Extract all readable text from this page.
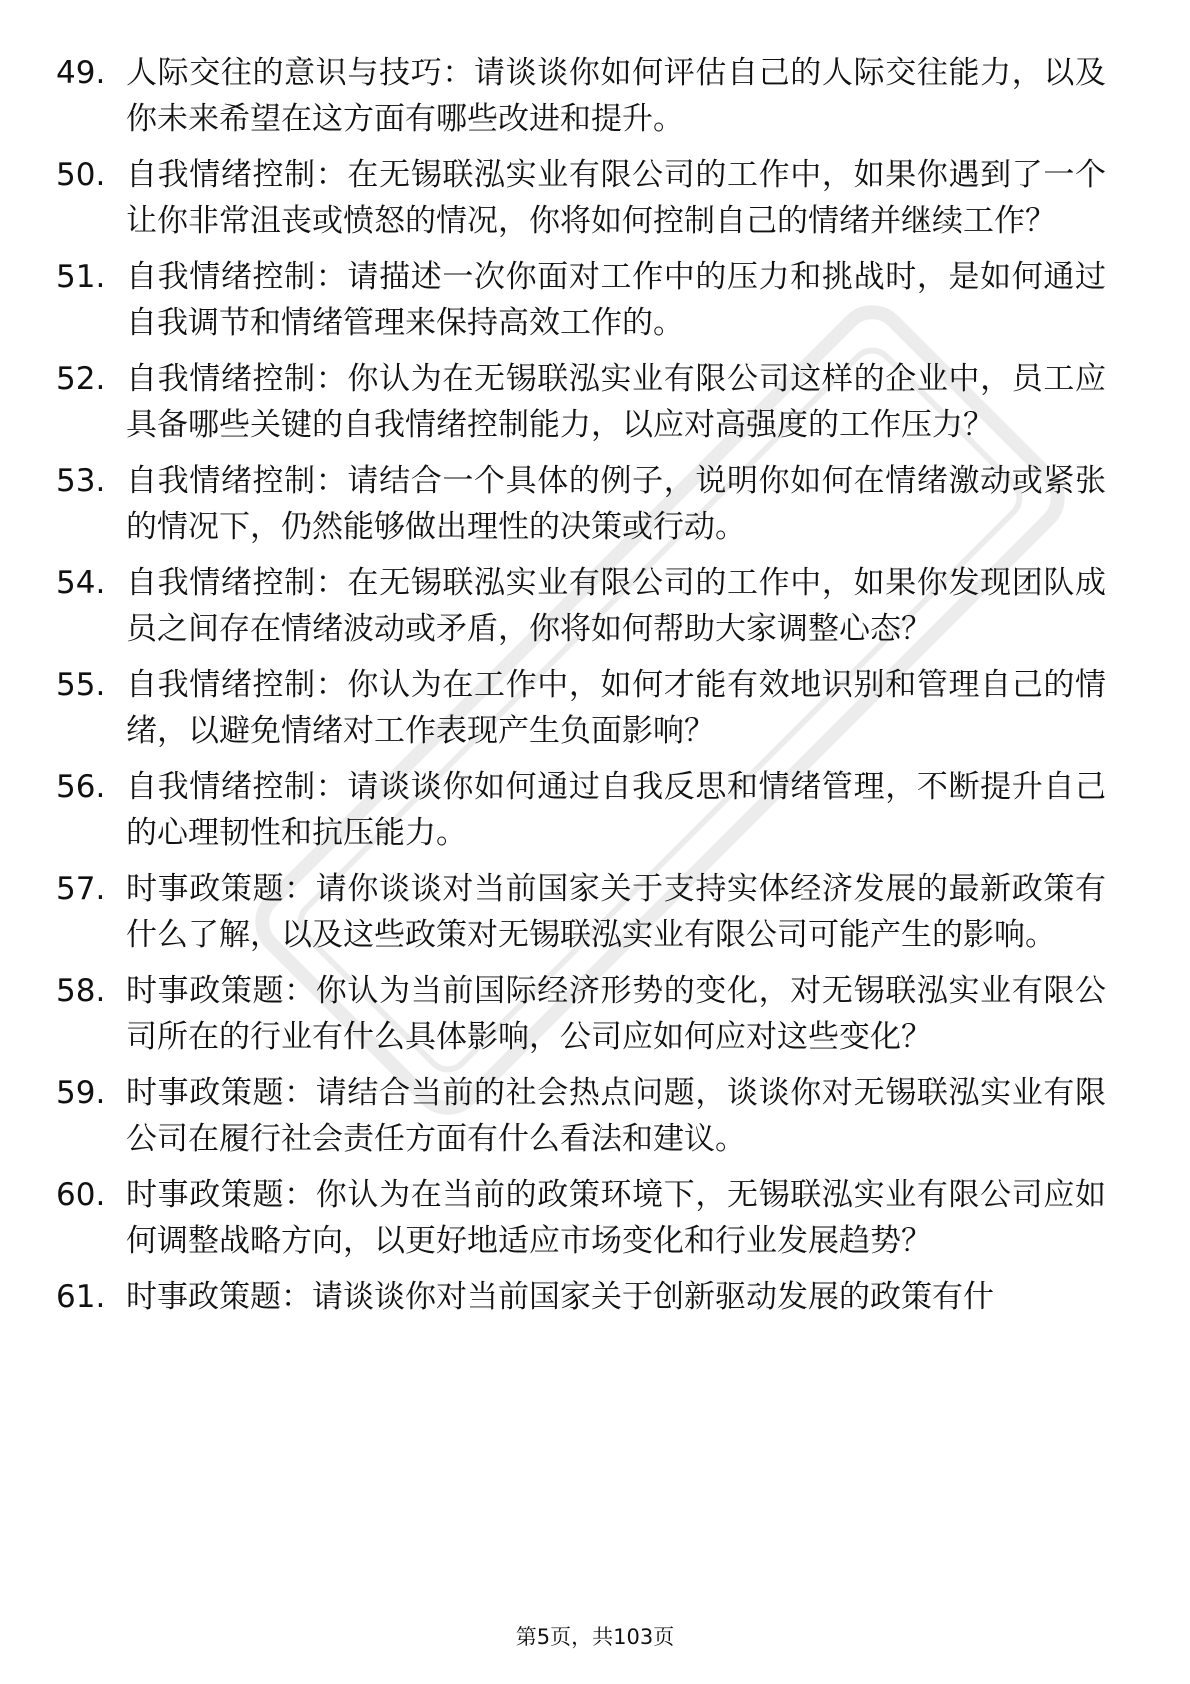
49. 人际交往的意识与技巧：请谈谈你如何评估自己的人际交往能力，以及你未来希望在这方面有哪些改进和提升。
50. 自我情绪控制：在无锡联泓实业有限公司的工作中，如果你遇到了一个让你非常沮丧或愤怒的情况，你将如何控制自己的情绪并继续工作？
51. 自我情绪控制：请描述一次你面对工作中的压力和挑战时，是如何通过自我调节和情绪管理来保持高效工作的。
52. 自我情绪控制：你认为在无锡联泓实业有限公司这样的企业中，员工应具备哪些关键的自我情绪控制能力，以应对高强度的工作压力？
53. 自我情绪控制：请结合一个具体的例子，说明你如何在情绪激动或紧张的情况下，仍然能够做出理性的决策或行动。
54. 自我情绪控制：在无锡联泓实业有限公司的工作中，如果你发现团队成员之间存在情绪波动或矛盾，你将如何帮助大家调整心态？
55. 自我情绪控制：你认为在工作中，如何才能有效地识别和管理自己的情绪，以避免情绪对工作表现产生负面影响？
56. 自我情绪控制：请谈谈你如何通过自我反思和情绪管理，不断提升自己的心理韧性和抗压能力。
57. 时事政策题：请你谈谈对当前国家关于支持实体经济发展的最新政策有什么了解，以及这些政策对无锡联泓实业有限公司可能产生的影响。
58. 时事政策题：你认为当前国际经济形势的变化，对无锡联泓实业有限公司所在的行业有什么具体影响，公司应如何应对这些变化？
59. 时事政策题：请结合当前的社会热点问题，谈谈你对无锡联泓实业有限公司在履行社会责任方面有什么看法和建议。
60. 时事政策题：你认为在当前的政策环境下，无锡联泓实业有限公司应如何调整战略方向，以更好地适应市场变化和行业发展趋势？
61. 时事政策题：请谈谈你对当前国家关于创新驱动发展的政策有什
第5页，共103页
